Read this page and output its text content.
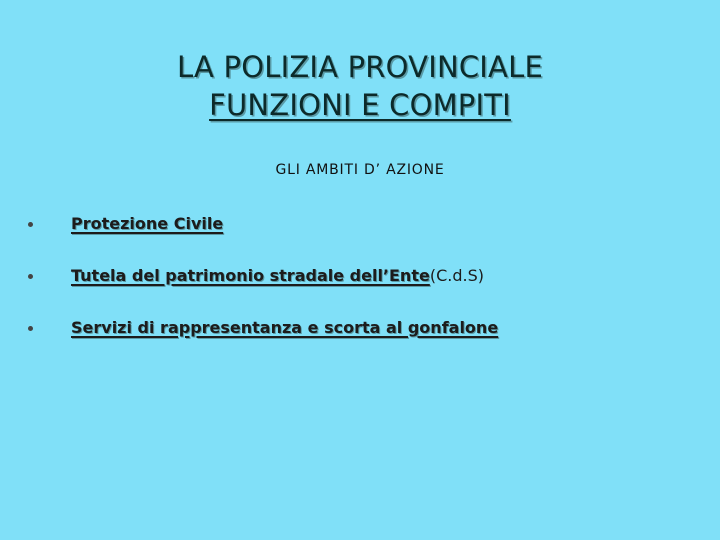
LA POLIZIA PROVINCIALE
FUNZIONI E COMPITI
GLI AMBITI D’ AZIONE
Protezione Civile
Tutela del patrimonio stradale dell’Ente (C.d.S)
Servizi di rappresentanza e scorta al gonfalone
